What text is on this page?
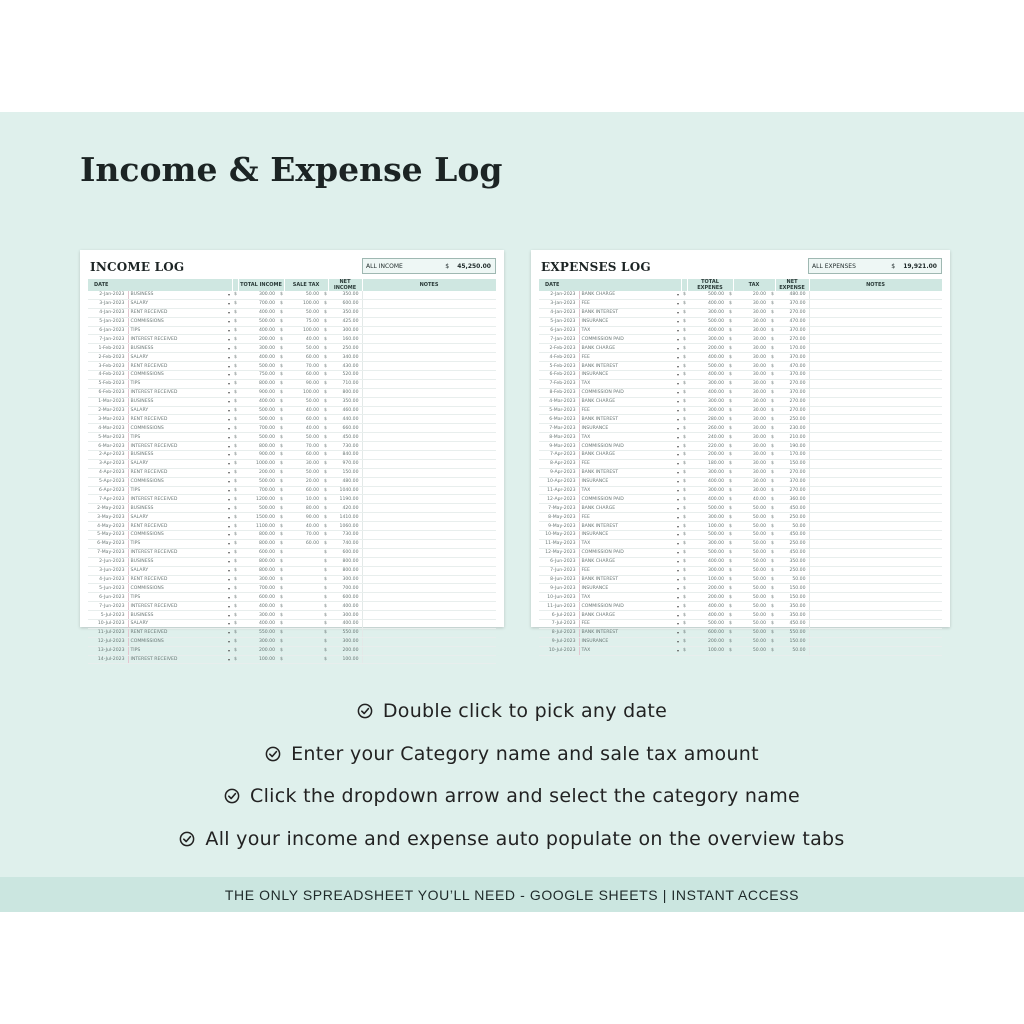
Income & Expense Log
INCOME LOG	ALL INCOME	$	45,250.00
DATE				TOTAL INCOME		SALE TAX		NET INCOME	NOTES
2-Jan-2023	BUSINESS	▾	$	300.00	$	50.00	$	350.00	
3-Jan-2023	SALARY	▾	$	700.00	$	100.00	$	600.00	
4-Jan-2023	RENT RECEIVED	▾	$	400.00	$	50.00	$	350.00	
5-Jan-2023	COMMISSIONS	▾	$	500.00	$	75.00	$	425.00	
6-Jan-2023	TIPS	▾	$	400.00	$	100.00	$	300.00	
7-Jan-2023	INTEREST RECEIVED	▾	$	200.00	$	40.00	$	160.00	
1-Feb-2023	BUSINESS	▾	$	300.00	$	50.00	$	250.00	
2-Feb-2023	SALARY	▾	$	400.00	$	60.00	$	340.00	
3-Feb-2023	RENT RECEIVED	▾	$	500.00	$	70.00	$	430.00	
4-Feb-2023	COMMISSIONS	▾	$	750.00	$	60.00	$	520.00	
5-Feb-2023	TIPS	▾	$	800.00	$	90.00	$	710.00	
6-Feb-2023	INTEREST RECEIVED	▾	$	900.00	$	100.00	$	800.00	
1-Mar-2023	BUSINESS	▾	$	400.00	$	50.00	$	350.00	
2-Mar-2023	SALARY	▾	$	500.00	$	40.00	$	460.00	
3-Mar-2023	RENT RECEIVED	▾	$	500.00	$	60.00	$	440.00	
4-Mar-2023	COMMISSIONS	▾	$	700.00	$	40.00	$	660.00	
5-Mar-2023	TIPS	▾	$	500.00	$	50.00	$	450.00	
6-Mar-2023	INTEREST RECEIVED	▾	$	800.00	$	70.00	$	730.00	
2-Apr-2023	BUSINESS	▾	$	900.00	$	60.00	$	840.00	
3-Apr-2023	SALARY	▾	$	1000.00	$	30.00	$	970.00	
4-Apr-2023	RENT RECEIVED	▾	$	200.00	$	50.00	$	150.00	
5-Apr-2023	COMMISSIONS	▾	$	500.00	$	20.00	$	480.00	
6-Apr-2023	TIPS	▾	$	700.00	$	60.00	$	1040.00	
7-Apr-2023	INTEREST RECEIVED	▾	$	1200.00	$	10.00	$	1190.00	
2-May-2023	BUSINESS	▾	$	500.00	$	80.00	$	420.00	
3-May-2023	SALARY	▾	$	1500.00	$	90.00	$	1410.00	
4-May-2023	RENT RECEIVED	▾	$	1100.00	$	40.00	$	1060.00	
5-May-2023	COMMISSIONS	▾	$	800.00	$	70.00	$	730.00	
6-May-2023	TIPS	▾	$	800.00	$	60.00	$	740.00	
7-May-2023	INTEREST RECEIVED	▾	$	600.00	$		$	600.00	
2-Jun-2023	BUSINESS	▾	$	800.00	$		$	800.00	
3-Jun-2023	SALARY	▾	$	800.00	$		$	800.00	
4-Jun-2023	RENT RECEIVED	▾	$	300.00	$		$	300.00	
5-Jun-2023	COMMISSIONS	▾	$	700.00	$		$	700.00	
6-Jun-2023	TIPS	▾	$	600.00	$		$	600.00	
7-Jun-2023	INTEREST RECEIVED	▾	$	400.00	$		$	400.00	
5-Jul-2023	BUSINESS	▾	$	300.00	$		$	300.00	
10-Jul-2023	SALARY	▾	$	400.00	$		$	400.00	
11-Jul-2023	RENT RECEIVED	▾	$	550.00	$		$	550.00	
12-Jul-2023	COMMISSIONS	▾	$	300.00	$		$	300.00	
13-Jul-2023	TIPS	▾	$	200.00	$		$	200.00	
14-Jul-2023	INTEREST RECEIVED	▾	$	100.00	$		$	100.00	
EXPENSES LOG	ALL EXPENSES	$	19,921.00
DATE				TOTAL EXPENES		TAX		NET EXPENSE	NOTES
2-Jan-2023	BANK CHARGE	▾	$	500.00	$	20.00	$	480.00	
3-Jan-2023	FEE	▾	$	400.00	$	30.00	$	370.00	
4-Jan-2023	BANK INTEREST	▾	$	300.00	$	30.00	$	270.00	
5-Jan-2023	INSURANCE	▾	$	500.00	$	30.00	$	470.00	
6-Jan-2023	TAX	▾	$	400.00	$	30.00	$	370.00	
7-Jan-2023	COMMISSION PAID	▾	$	300.00	$	30.00	$	270.00	
2-Feb-2023	BANK CHARGE	▾	$	200.00	$	30.00	$	170.00	
4-Feb-2023	FEE	▾	$	400.00	$	30.00	$	370.00	
5-Feb-2023	BANK INTEREST	▾	$	500.00	$	30.00	$	470.00	
6-Feb-2023	INSURANCE	▾	$	400.00	$	30.00	$	370.00	
7-Feb-2023	TAX	▾	$	300.00	$	30.00	$	270.00	
8-Feb-2023	COMMISSION PAID	▾	$	400.00	$	30.00	$	370.00	
4-Mar-2023	BANK CHARGE	▾	$	300.00	$	30.00	$	270.00	
5-Mar-2023	FEE	▾	$	300.00	$	30.00	$	270.00	
6-Mar-2023	BANK INTEREST	▾	$	280.00	$	30.00	$	250.00	
7-Mar-2023	INSURANCE	▾	$	260.00	$	30.00	$	230.00	
8-Mar-2023	TAX	▾	$	240.00	$	30.00	$	210.00	
9-Mar-2023	COMMISSION PAID	▾	$	220.00	$	30.00	$	190.00	
7-Apr-2023	BANK CHARGE	▾	$	200.00	$	30.00	$	170.00	
8-Apr-2023	FEE	▾	$	180.00	$	30.00	$	150.00	
9-Apr-2023	BANK INTEREST	▾	$	300.00	$	30.00	$	270.00	
10-Apr-2023	INSURANCE	▾	$	400.00	$	30.00	$	370.00	
11-Apr-2023	TAX	▾	$	300.00	$	30.00	$	270.00	
12-Apr-2023	COMMISSION PAID	▾	$	400.00	$	40.00	$	360.00	
7-May-2023	BANK CHARGE	▾	$	500.00	$	50.00	$	450.00	
8-May-2023	FEE	▾	$	300.00	$	50.00	$	250.00	
9-May-2023	BANK INTEREST	▾	$	100.00	$	50.00	$	50.00	
10-May-2023	INSURANCE	▾	$	500.00	$	50.00	$	450.00	
11-May-2023	TAX	▾	$	300.00	$	50.00	$	250.00	
12-May-2023	COMMISSION PAID	▾	$	500.00	$	50.00	$	450.00	
6-Jun-2023	BANK CHARGE	▾	$	400.00	$	50.00	$	350.00	
7-Jun-2023	FEE	▾	$	300.00	$	50.00	$	250.00	
8-Jun-2023	BANK INTEREST	▾	$	100.00	$	50.00	$	50.00	
9-Jun-2023	INSURANCE	▾	$	200.00	$	50.00	$	150.00	
10-Jun-2023	TAX	▾	$	200.00	$	50.00	$	150.00	
11-Jun-2023	COMMISSION PAID	▾	$	400.00	$	50.00	$	350.00	
6-Jul-2023	BANK CHARGE	▾	$	400.00	$	50.00	$	350.00	
7-Jul-2023	FEE	▾	$	500.00	$	50.00	$	450.00	
8-Jul-2023	BANK INTEREST	▾	$	600.00	$	50.00	$	550.00	
9-Jul-2023	INSURANCE	▾	$	200.00	$	50.00	$	150.00	
10-Jul-2023	TAX	▾	$	100.00	$	50.00	$	50.00	
Double click to pick any date
Enter your Category name and sale tax amount
Click the dropdown arrow and select the category name
All your income and expense auto populate on the overview tabs
THE ONLY SPREADSHEET YOU’LL NEED - GOOGLE SHEETS | INSTANT ACCESS
